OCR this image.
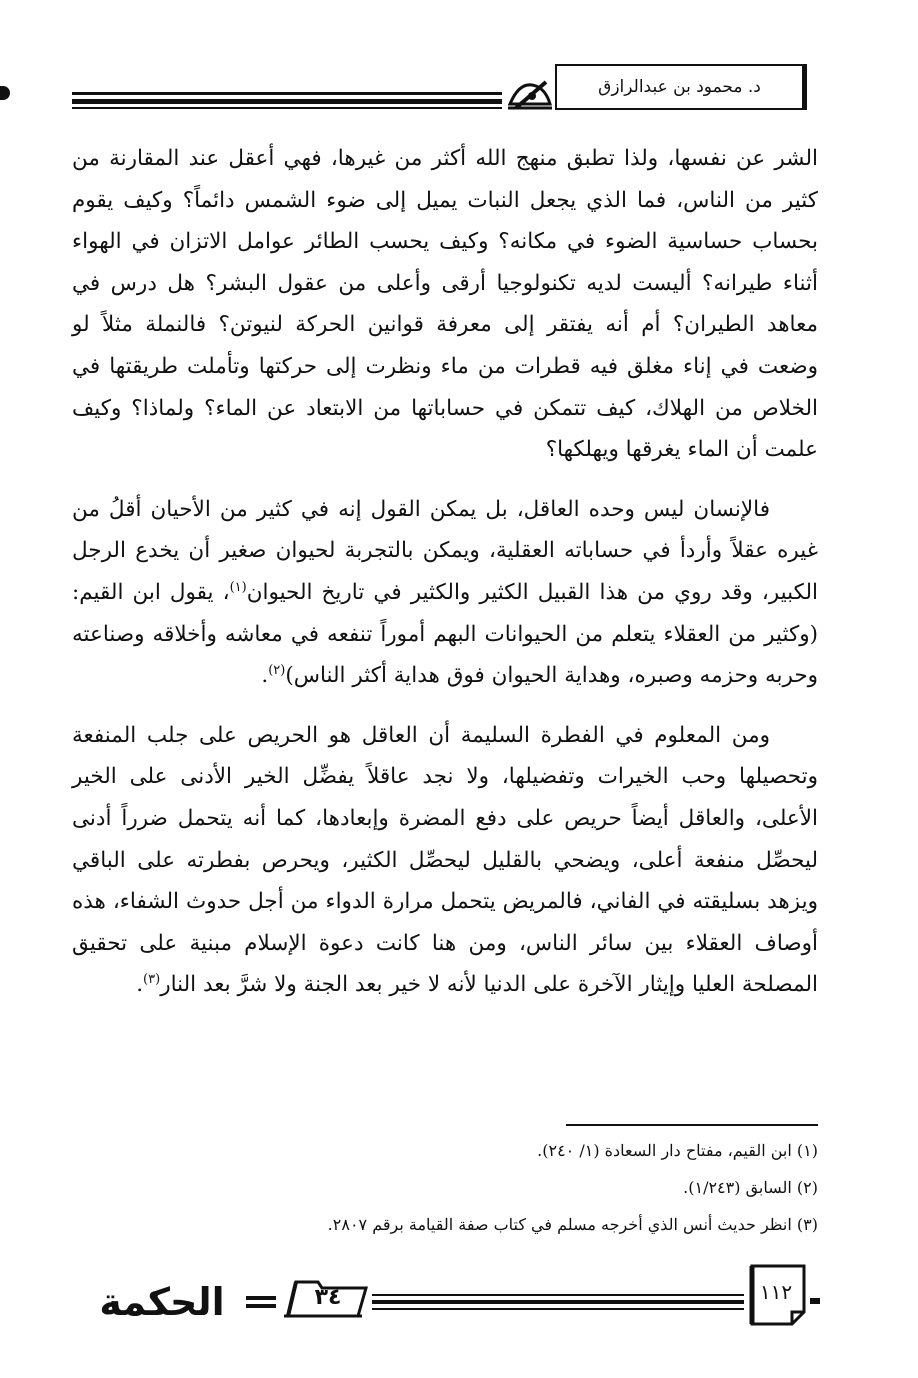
د. محمود بن عبدالرازق

الشر عن نفسها، ولذا تطبق منهج الله أكثر من غيرها، فهي أعقل عند المقارنة من كثير من الناس، فما الذي يجعل النبات يميل إلى ضوء الشمس دائماً؟ وكيف يقوم بحساب حساسية الضوء في مكانه؟ وكيف يحسب الطائر عوامل الاتزان في الهواء أثناء طيرانه؟ أليست لديه تكنولوجيا أرقى وأعلى من عقول البشر؟ هل درس في معاهد الطيران؟ أم أنه يفتقر إلى معرفة قوانين الحركة لنيوتن؟ فالنملة مثلاً لو وضعت في إناء مغلق فيه قطرات من ماء ونظرت إلى حركتها وتأملت طريقتها في الخلاص من الهلاك، كيف تتمكن في حساباتها من الابتعاد عن الماء؟ ولماذا؟ وكيف علمت أن الماء يغرقها ويهلكها؟

فالإنسان ليس وحده العاقل، بل يمكن القول إنه في كثير من الأحيان أقلُ من غيره عقلاً وأردأ في حساباته العقلية، ويمكن بالتجربة لحيوان صغير أن يخدع الرجل الكبير، وقد روي من هذا القبيل الكثير والكثير في تاريخ الحيوان$^{(١)}$، يقول ابن القيم: (وكثير من العقلاء يتعلم من الحيوانات البهم أموراً تنفعه في معاشه وأخلاقه وصناعته وحربه وحزمه وصبره، وهداية الحيوان فوق هداية أكثر الناس)$^{(٢)}$.

ومن المعلوم في الفطرة السليمة أن العاقل هو الحريص على جلب المنفعة وتحصيلها وحب الخيرات وتفضيلها، ولا نجد عاقلاً يفضِّل الخير الأدنى على الخير الأعلى، والعاقل أيضاً حريص على دفع المضرة وإبعادها، كما أنه يتحمل ضرراً أدنى ليحصِّل منفعة أعلى، ويضحي بالقليل ليحصِّل الكثير، ويحرص بفطرته على الباقي ويزهد بسليقته في الفاني، فالمريض يتحمل مرارة الدواء من أجل حدوث الشفاء، هذه أوصاف العقلاء بين سائر الناس، ومن هنا كانت دعوة الإسلام مبنية على تحقيق المصلحة العليا وإيثار الآخرة على الدنيا لأنه لا خير بعد الجنة ولا شرَّ بعد النار$^{(٣)}$.

(١) ابن القيم، مفتاح دار السعادة (١/ ٢٤٠).

(٢) السابق (١/٢٤٣).

(٣) انظر حديث أنس الذي أخرجه مسلم في كتاب صفة القيامة برقم ٢٨٠٧.

الحكمة	٣٤	١١٢
